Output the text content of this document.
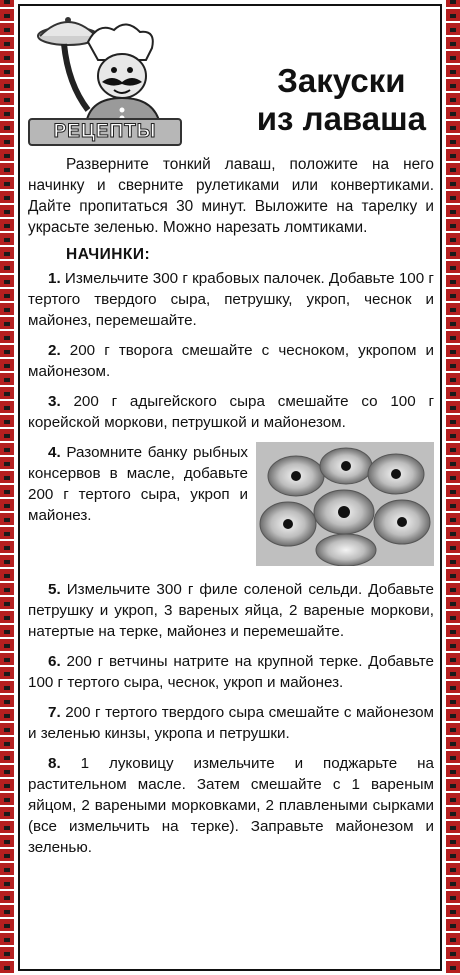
РЕЦЕПТЫ
Закуски
из лаваша

Разверните тонкий лаваш, положите на него начинку и сверните рулетиками или конвертиками. Дайте пропитаться 30 минут. Выложите на тарелку и украсьте зеленью. Можно нарезать ломтиками.

НАЧИНКИ:

1. Измельчите 300 г крабовых палочек. Добавьте 100 г тертого твердого сыра, петрушку, укроп, чеснок и майонез, перемешайте.

2. 200 г творога смешайте с чесноком, укропом и майонезом.

3. 200 г адыгейского сыра смешайте со 100 г корейской моркови, петрушкой и майонезом.

4. Разомните банку рыбных консервов в масле, добавьте 200 г тертого сыра, укроп и майонез.

5. Измельчите 300 г филе соленой сельди. Добавьте петрушку и укроп, 3 вареных яйца, 2 вареные моркови, натертые на терке, майонез и перемешайте.

6. 200 г ветчины натрите на крупной терке. Добавьте 100 г тертого сыра, чеснок, укроп и майонез.

7. 200 г тертого твердого сыра смешайте с майонезом и зеленью кинзы, укропа и петрушки.

8. 1 луковицу измельчите и поджарьте на растительном масле. Затем смешайте с 1 вареным яйцом, 2 вареными морковками, 2 плавлеными сырками (все измельчить на терке). Заправьте майонезом и зеленью.
